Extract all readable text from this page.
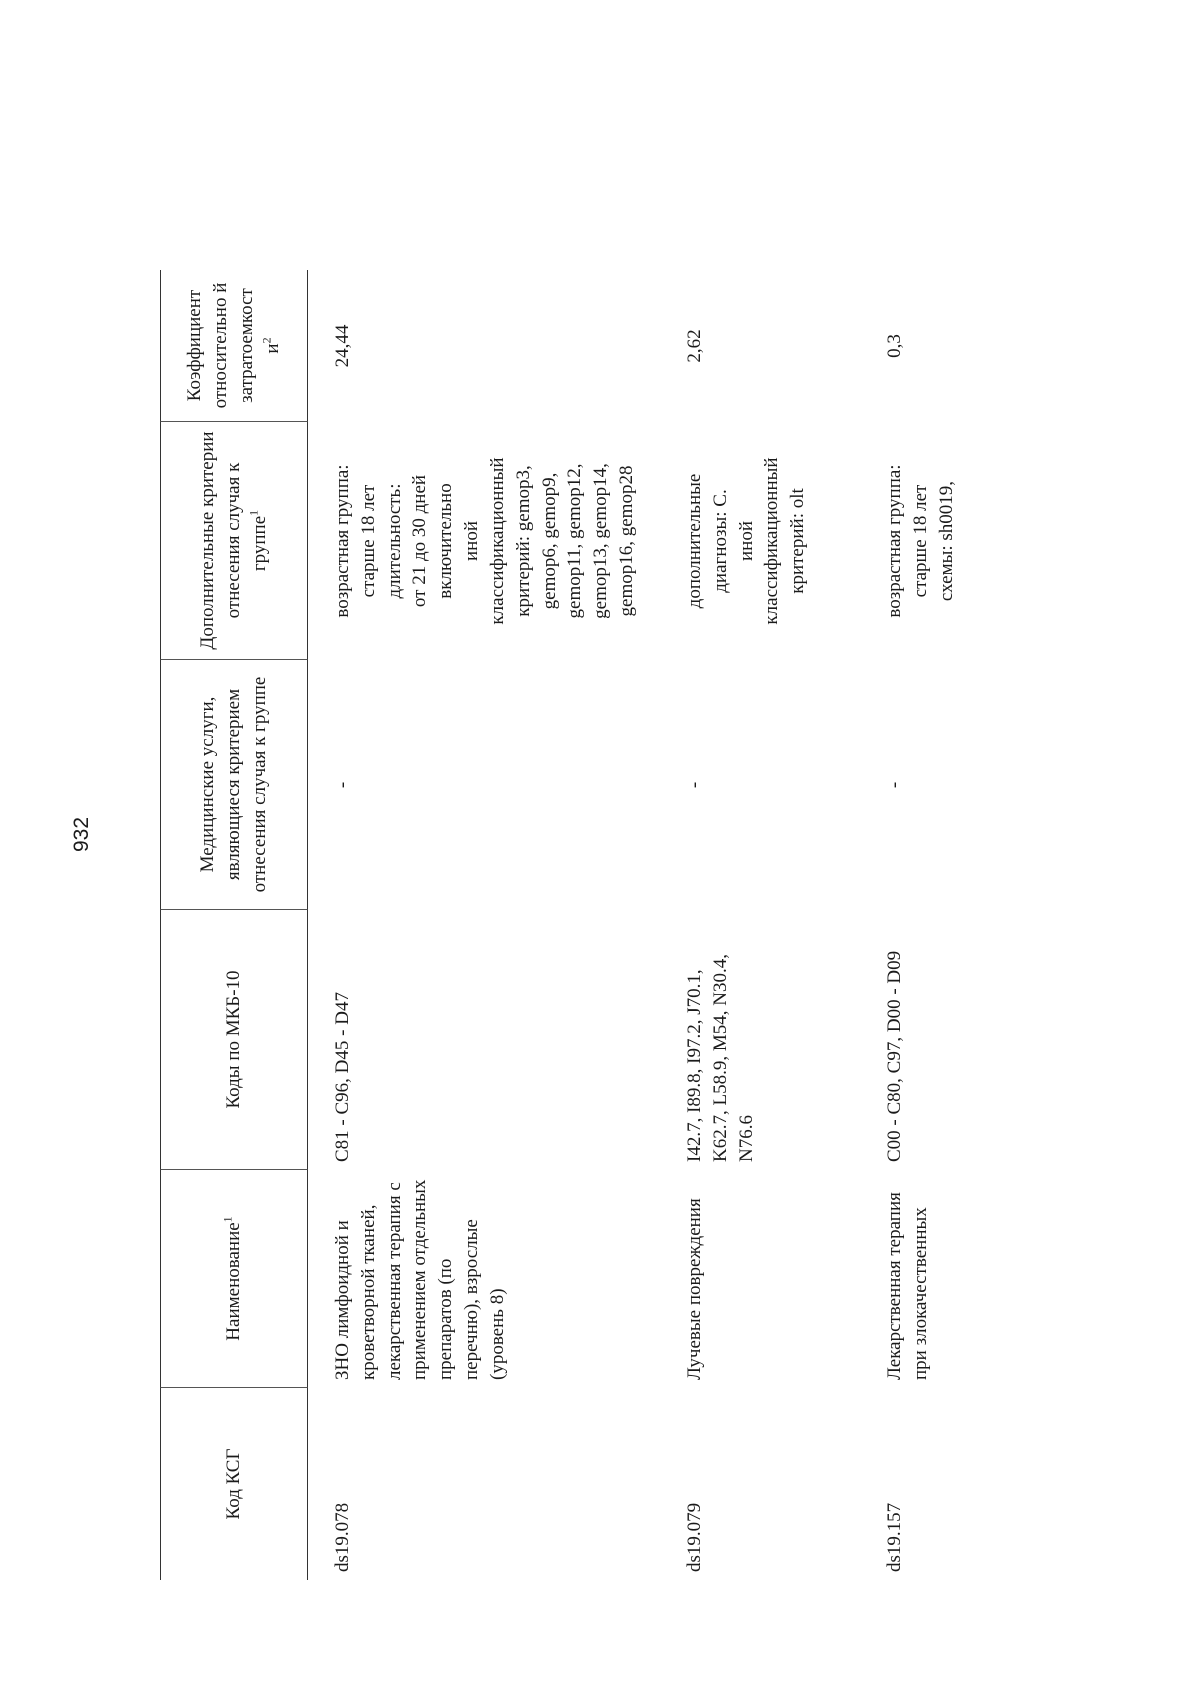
932
Код КСГ
Наименование$^1$
Коды по МКБ-10
Медицинские услуги, являющиеся критерием отнесения случая к группе
Дополнительные критерии отнесения случая к группе$^1$
Коэффициент относительно й затратоемкост $и^2$
ds19.078
ЗНО лимфоидной и кроветворной тканей, лекарственная терапия с применением отдельных препаратов (по перечню), взрослые (уровень 8)
C81 - C96, D45 - D47
-
возрастная группа:
старше 18 лет
длительность:
от 21 до 30 дней
включительно
иной
классификационный
критерий: gemop3,
gemop6, gemop9,
gemop11, gemop12,
gemop13, gemop14,
gemop16, gemop28
24,44
ds19.079
Лучевые повреждения
I42.7, I89.8, I97.2, J70.1, K62.7, L58.9, M54, N30.4, N76.6
-
дополнительные
диагнозы: C.
иной
классификационный
критерий: olt
2,62
ds19.157
Лекарственная терапия при злокачественных
C00 - C80, C97, D00 - D09
-
возрастная группа:
старше 18 лет
схемы: sh0019,
0,3
